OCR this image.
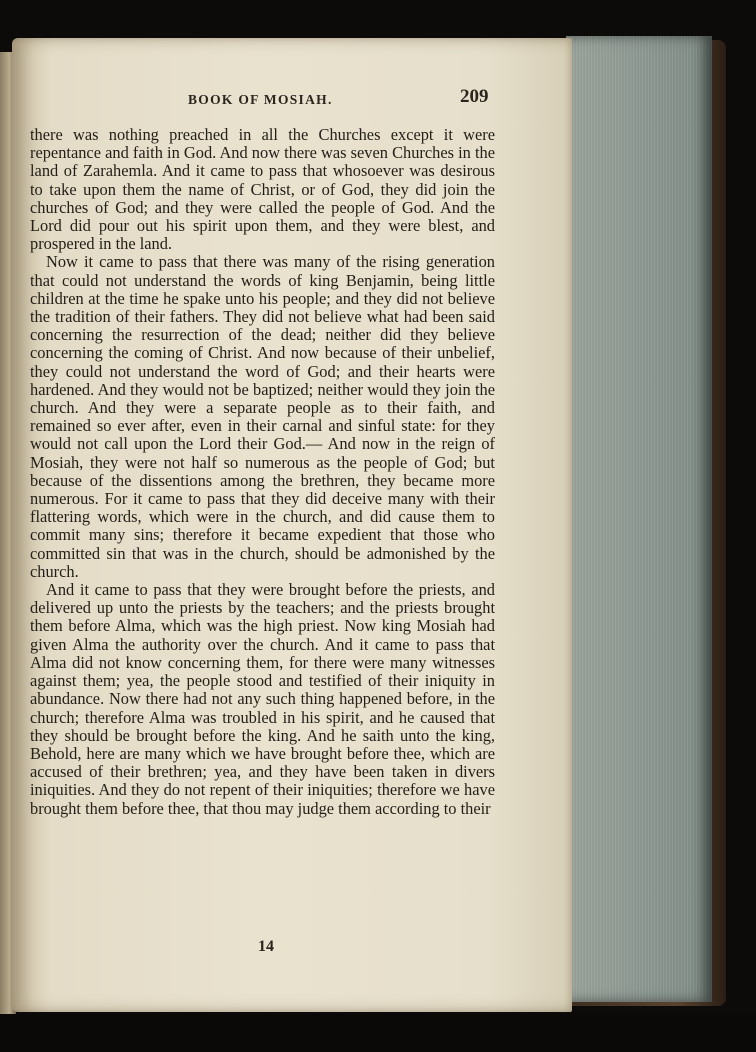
BOOK OF MOSIAH.	209

there was nothing preached in all the Churches except it were repentance and faith in God. And now there was seven Churches in the land of Zarahemla. And it came to pass that whosoever was desirous to take upon them the name of Christ, or of God, they did join the churches of God; and they were called the people of God. And the Lord did pour out his spirit upon them, and they were blest, and prospered in the land.

Now it came to pass that there was many of the rising generation that could not understand the words of king Benjamin, being little children at the time he spake unto his people; and they did not believe the tradition of their fathers. They did not believe what had been said concerning the resurrection of the dead; neither did they believe concerning the coming of Christ. And now because of their unbelief, they could not understand the word of God; and their hearts were hardened. And they would not be baptized; neither would they join the church. And they were a separate people as to their faith, and remained so ever after, even in their carnal and sinful state: for they would not call upon the Lord their God.— And now in the reign of Mosiah, they were not half so numerous as the people of God; but because of the dissentions among the brethren, they became more numerous. For it came to pass that they did deceive many with their flattering words, which were in the church, and did cause them to commit many sins; therefore it became expedient that those who committed sin that was in the church, should be admonished by the church.

And it came to pass that they were brought before the priests, and delivered up unto the priests by the teachers; and the priests brought them before Alma, which was the high priest. Now king Mosiah had given Alma the authority over the church. And it came to pass that Alma did not know concerning them, for there were many witnesses against them; yea, the people stood and testified of their iniquity in abundance. Now there had not any such thing happened before, in the church; therefore Alma was troubled in his spirit, and he caused that they should be brought before the king. And he saith unto the king, Behold, here are many which we have brought before thee, which are accused of their brethren; yea, and they have been taken in divers iniquities. And they do not repent of their iniquities; therefore we have brought them before thee, that thou may judge them according to their

14
